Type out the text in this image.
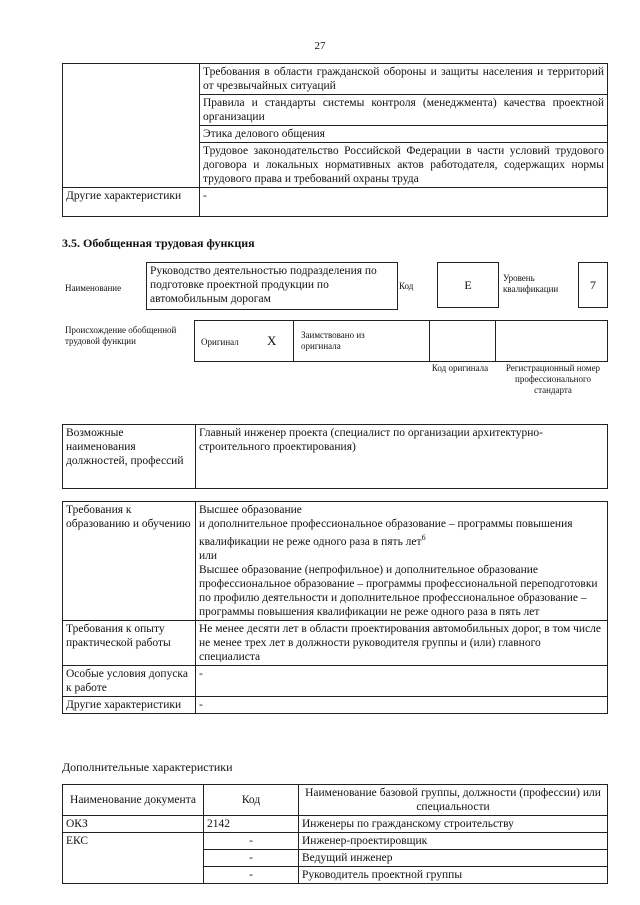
27
	Требования в области гражданской обороны и защиты населения и территорий от чрезвычайных ситуаций
	Правила и стандарты системы контроля (менеджмента) качества проектной организации
	Этика делового общения
	Трудовое законодательство Российской Федерации в части условий трудового договора и локальных нормативных актов работодателя, содержащих нормы трудового права и требований охраны труда
Другие характеристики	-
3.5. Обобщенная трудовая функция
Наименование
Руководство деятельностью подразделения по подготовке проектной продукции по автомобильным дорогам
Код	E	Уровень квалификации	7
Происхождение обобщенной трудовой функции	Оригинал X	Заимствовано из оригинала
Код оригинала	Регистрационный номер профессионального стандарта
Возможные наименования должностей, профессий	Главный инженер проекта (специалист по организации архитектурно-строительного проектирования)
Требования к образованию и обучению	Высшее образование
и дополнительное профессиональное образование – программы повышения квалификации не реже одного раза в пять лет$^6$
или
Высшее образование (непрофильное) и дополнительное образование профессиональное образование – программы профессиональной переподготовки по профилю деятельности и дополнительное профессиональное образование – программы повышения квалификации не реже одного раза в пять лет

Требования к опыту практической работы	Не менее десяти лет в области проектирования автомобильных дорог, в том числе не менее трех лет в должности руководителя группы и (или) главного специалиста
Особые условия допуска к работе	-
Другие характеристики	-
Дополнительные характеристики
Наименование документа	Код	Наименование базовой группы, должности (профессии) или специальности
ОКЗ	2142	Инженеры по гражданскому строительству
ЕКС	-	Инженер-проектировщик
	-	Ведущий инженер
	-	Руководитель проектной группы
